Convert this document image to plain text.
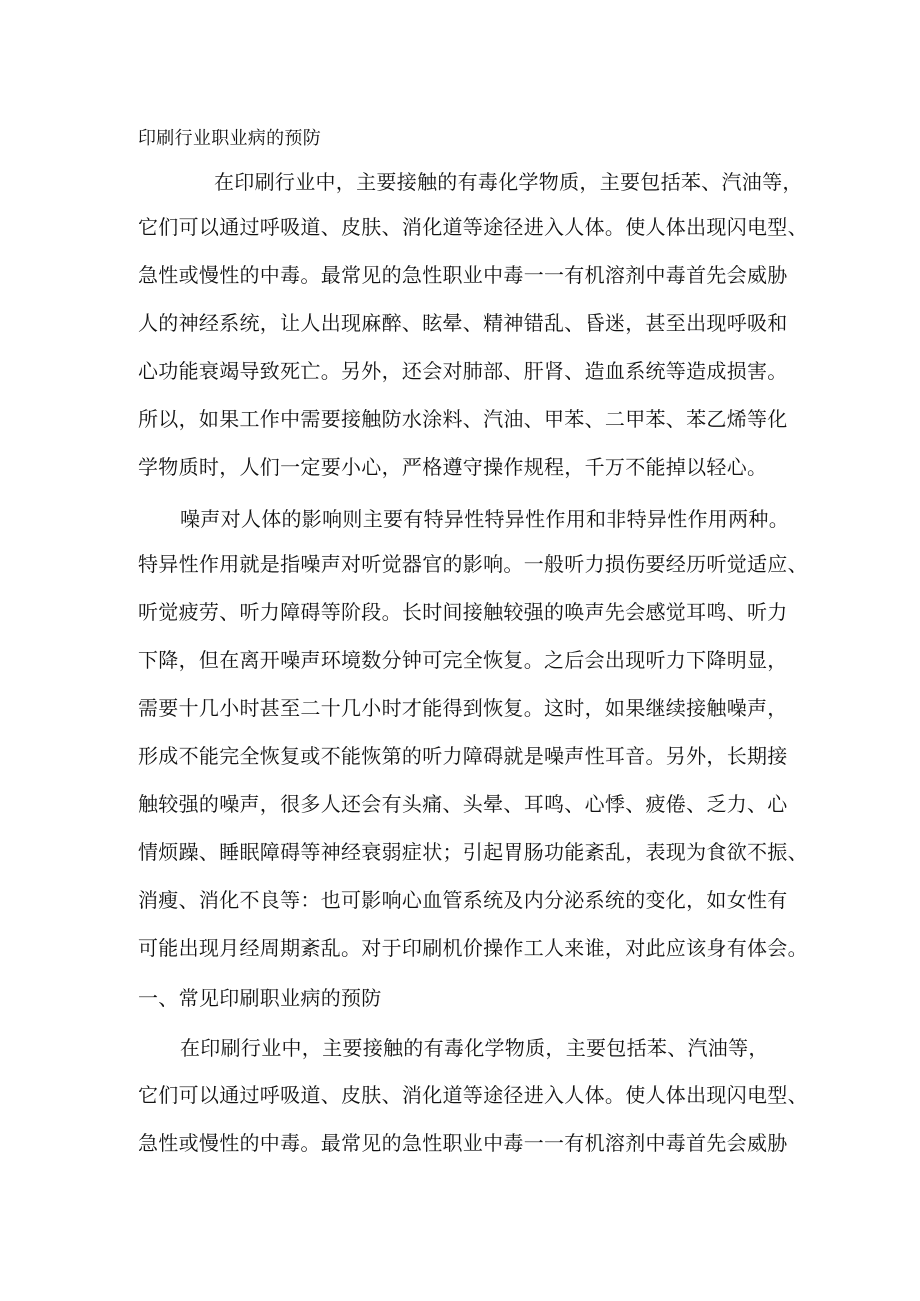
印刷行业职业病的预防
在印刷行业中，主要接触的有毒化学物质，主要包括苯、汽油等，
它们可以通过呼吸道、皮肤、消化道等途径进入人体。使人体出现闪电型、
急性或慢性的中毒。最常见的急性职业中毒一一有机溶剂中毒首先会威胁
人的神经系统，让人出现麻醉、眩晕、精神错乱、昏迷，甚至出现呼吸和
心功能衰竭导致死亡。另外，还会对肺部、肝肾、造血系统等造成损害。
所以，如果工作中需要接触防水涂料、汽油、甲苯、二甲苯、苯乙烯等化
学物质时，人们一定要小心，严格遵守操作规程，千万不能掉以轻心。
噪声对人体的影响则主要有特异性特异性作用和非特异性作用两种。
特异性作用就是指噪声对听觉器官的影响。一般听力损伤要经历听觉适应、
听觉疲劳、听力障碍等阶段。长时间接触较强的唤声先会感觉耳鸣、听力
下降，但在离开噪声环境数分钟可完全恢复。之后会出现听力下降明显，
需要十几小时甚至二十几小时才能得到恢复。这时，如果继续接触噪声，
形成不能完全恢复或不能恢第的听力障碍就是噪声性耳音。另外，长期接
触较强的噪声，很多人还会有头痛、头晕、耳鸣、心悸、疲倦、乏力、心
情烦躁、睡眠障碍等神经衰弱症状；引起胃肠功能紊乱，表现为食欲不振、
消瘦、消化不良等：也可影响心血管系统及内分泌系统的变化，如女性有
可能出现月经周期紊乱。对于印刷机价操作工人来谁，对此应该身有体会。
一、常见印刷职业病的预防
在印刷行业中，主要接触的有毒化学物质，主要包括苯、汽油等，
它们可以通过呼吸道、皮肤、消化道等途径进入人体。使人体出现闪电型、
急性或慢性的中毒。最常见的急性职业中毒一一有机溶剂中毒首先会威胁
